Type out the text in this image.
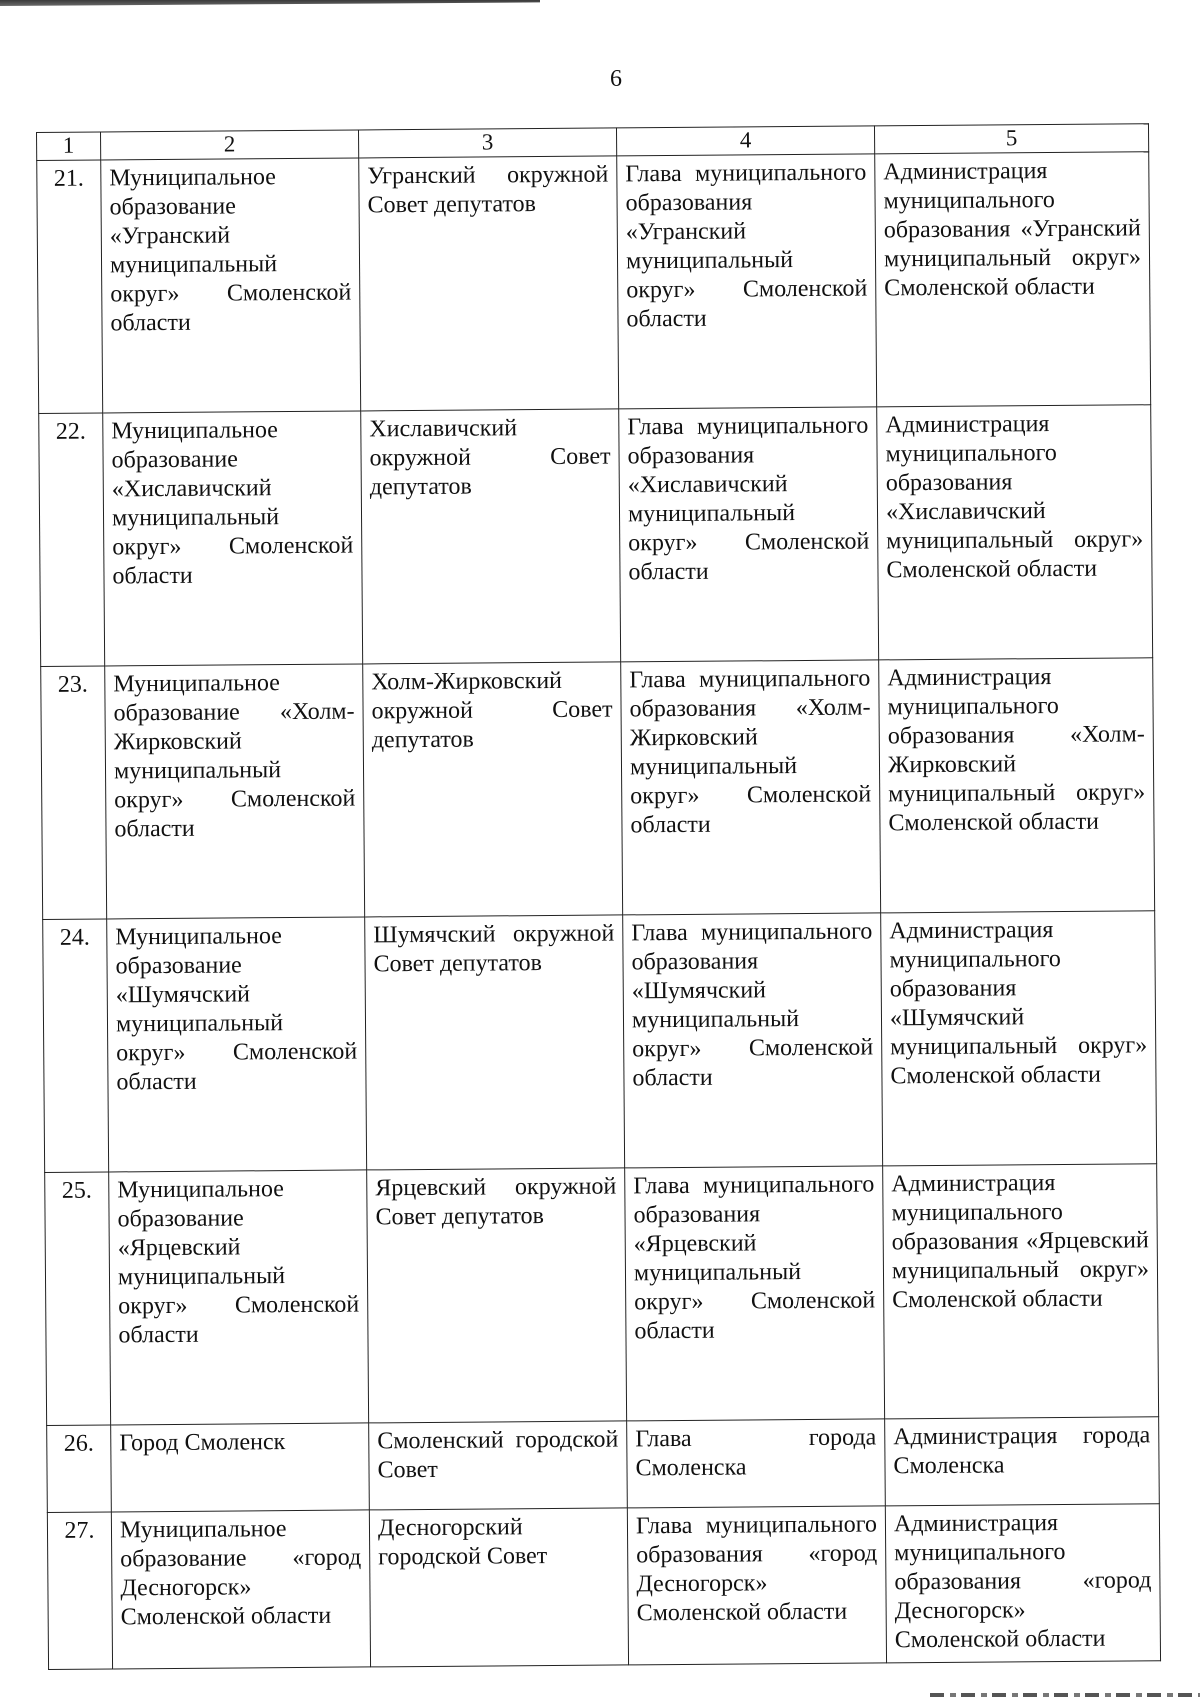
6
1	2	3	4	5
21.	Муниципальное образование «Угранский муниципальный округ» Смоленской области	Угранский окружной Совет депутатов	Глава муниципального образования «Угранский муниципальный округ» Смоленской области	Администрация муниципального образования «Угранский муниципальный округ» Смоленской области
22.	Муниципальное образование «Хиславичский муниципальный округ» Смоленской области	Хиславичский окружной Совет депутатов	Глава муниципального образования «Хиславичский муниципальный округ» Смоленской области	Администрация муниципального образования «Хиславичский муниципальный округ» Смоленской области
23.	Муниципальное образование «Холм-Жирковский муниципальный округ» Смоленской области	Холм-Жирковский окружной Совет депутатов	Глава муниципального образования «Холм-Жирковский муниципальный округ» Смоленской области	Администрация муниципального образования «Холм-Жирковский муниципальный округ» Смоленской области
24.	Муниципальное образование «Шумячский муниципальный округ» Смоленской области	Шумячский окружной Совет депутатов	Глава муниципального образования «Шумячский муниципальный округ» Смоленской области	Администрация муниципального образования «Шумячский муниципальный округ» Смоленской области
25.	Муниципальное образование «Ярцевский муниципальный округ» Смоленской области	Ярцевский окружной Совет депутатов	Глава муниципального образования «Ярцевский муниципальный округ» Смоленской области	Администрация муниципального образования «Ярцевский муниципальный округ» Смоленской области
26.	Город Смоленск	Смоленский городской Совет	Глава города Смоленска	Администрация города Смоленска
27.	Муниципальное образование «город Десногорск» Смоленской области	Десногорский городской Совет	Глава муниципального образования «город Десногорск» Смоленской области	Администрация муниципального образования «город Десногорск» Смоленской области
